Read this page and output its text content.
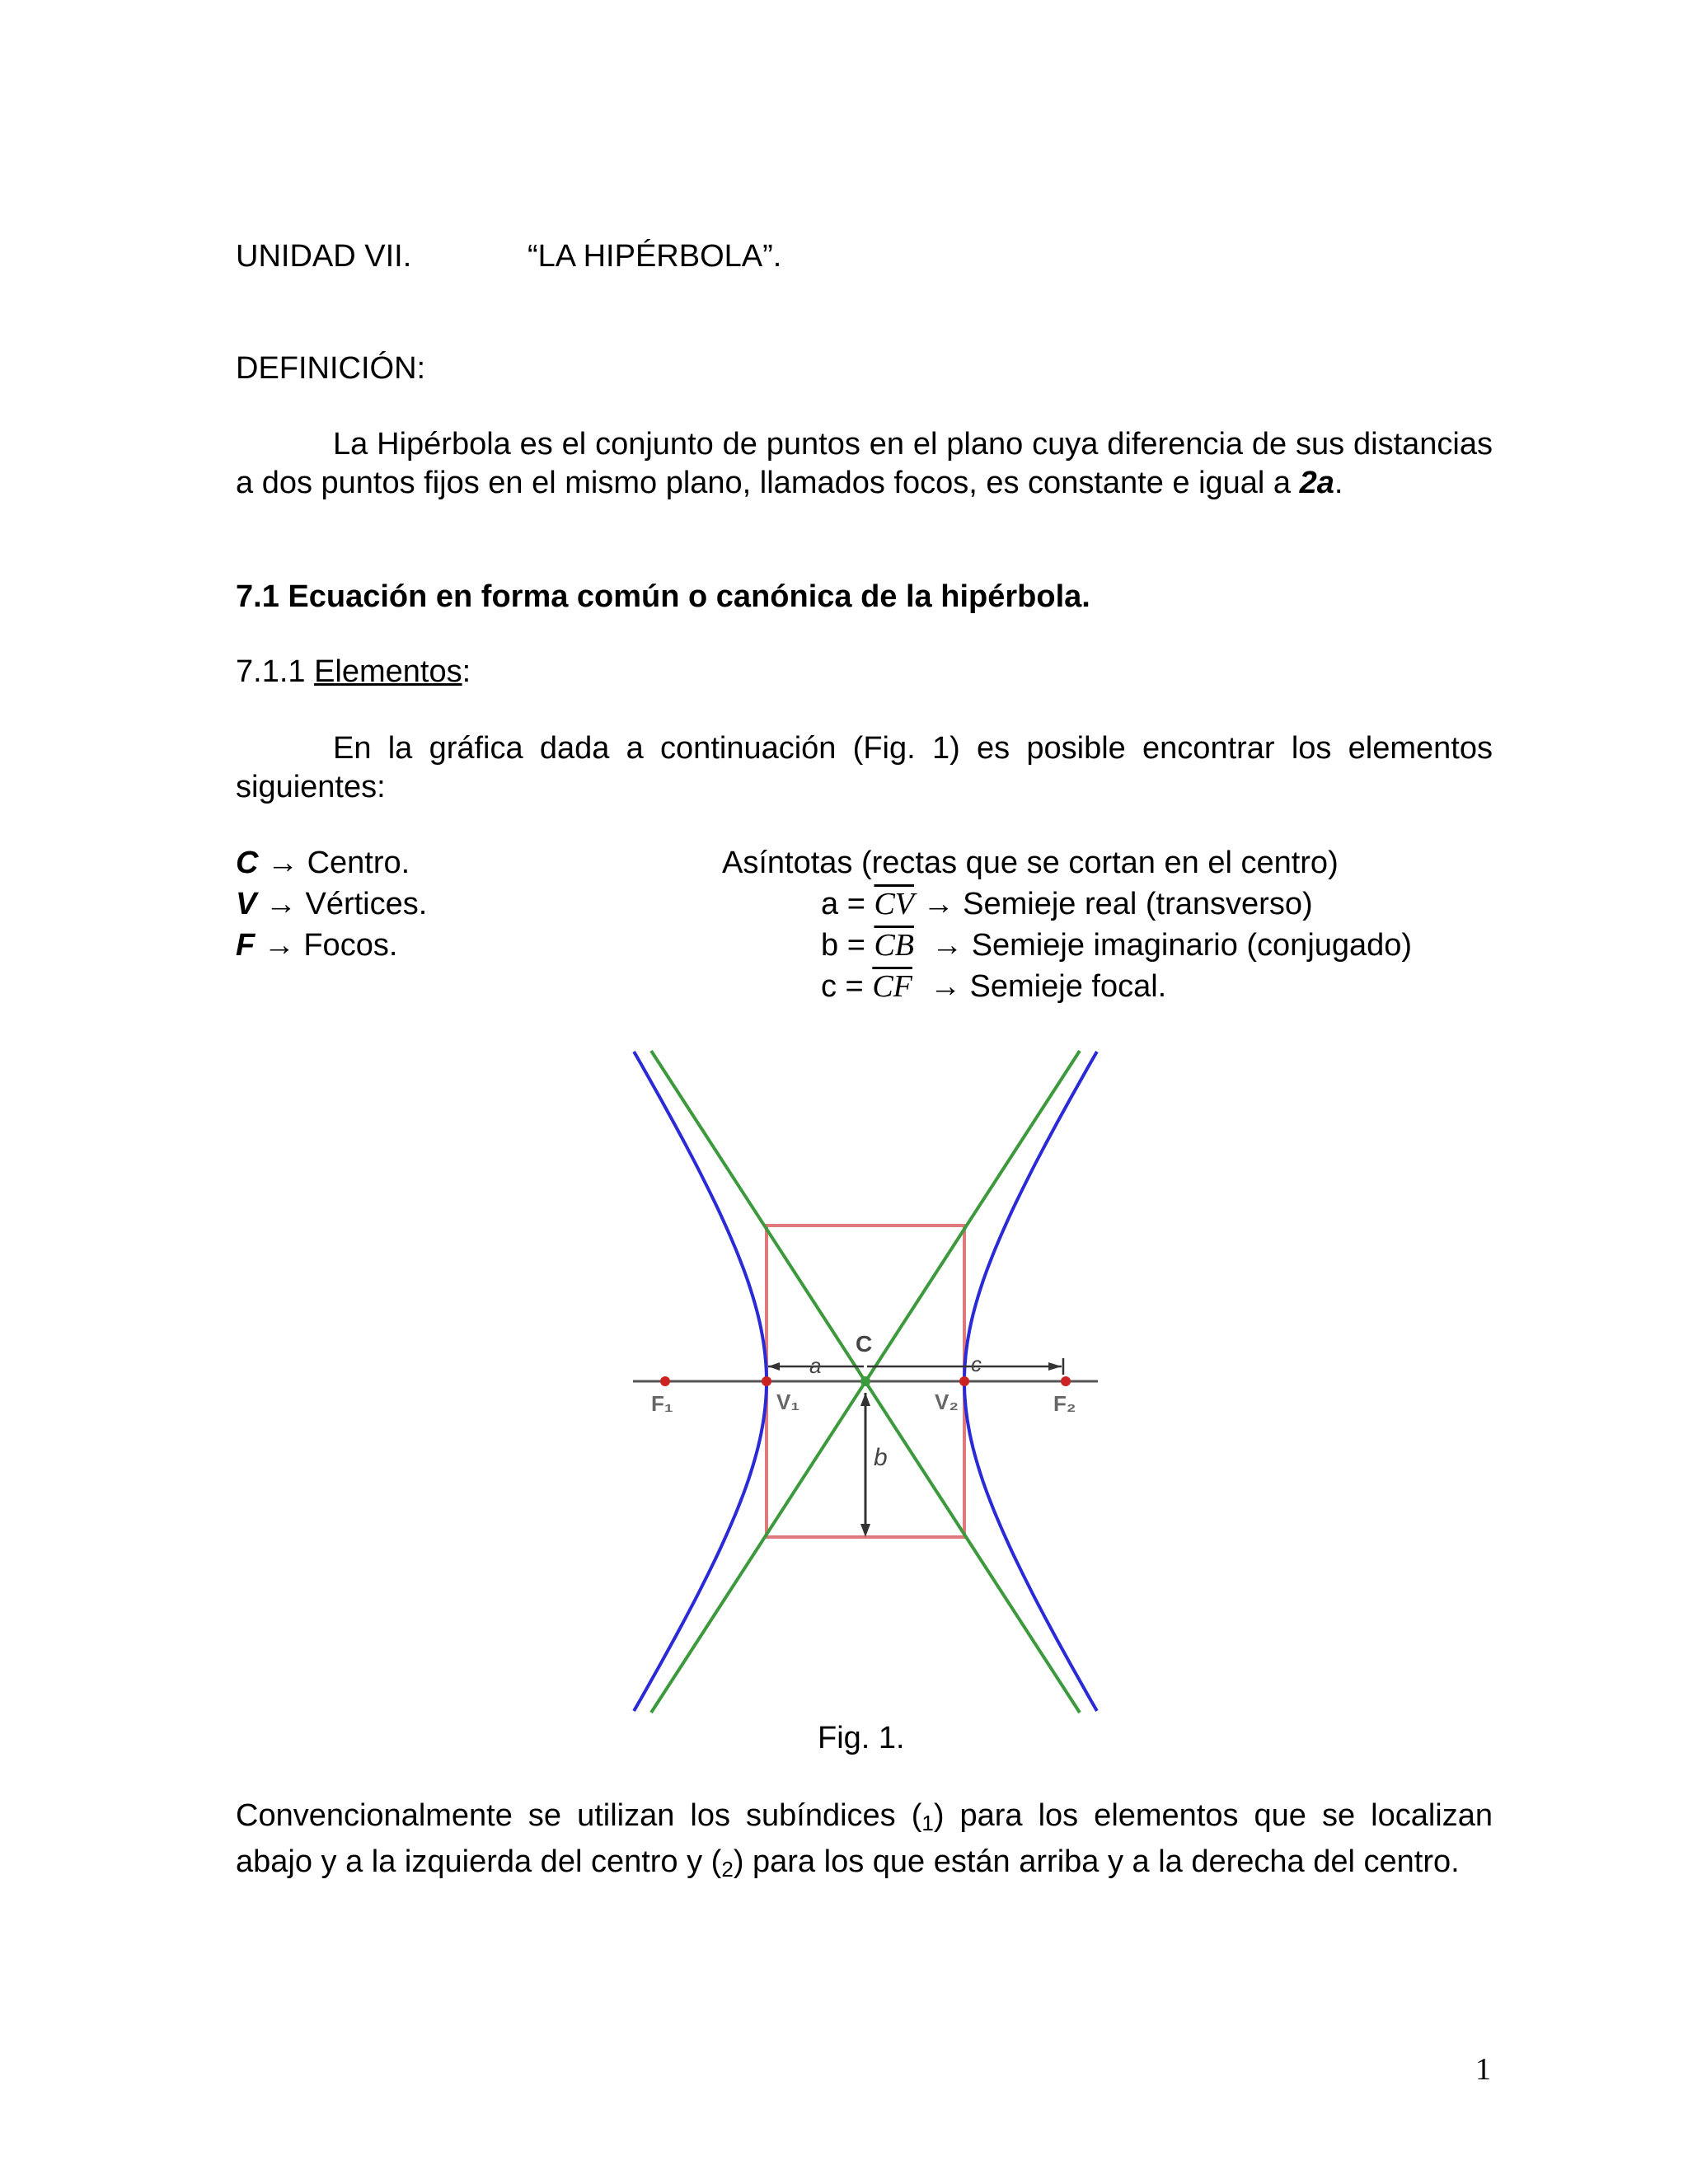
UNIDAD VII.	“LA HIPÉRBOLA”.
DEFINICIÓN:
La Hipérbola es el conjunto de puntos en el plano cuya diferencia de sus distancias a dos puntos fijos en el mismo plano, llamados focos, es constante e igual a 2a.
7.1 Ecuación en forma común o canónica de la hipérbola.
7.1.1 Elementos:
En la gráfica dada a continuación (Fig. 1) es posible encontrar los elementos siguientes:
C → Centro.
V → Vértices.
F → Focos.
Asíntotas (rectas que se cortan en el centro)
$a = \overline{CV}$ → Semieje real (transverso)
$b = \overline{CB}$  → Semieje imaginario (conjugado)
$c = \overline{CF}$  → Semieje focal.
C
a
b
c
F₁	V₁	V₂	F₂
Fig. 1.
Convencionalmente se utilizan los subíndices $(_1)$ para los elementos que se localizan abajo y a la izquierda del centro y $(_2)$ para los que están arriba y a la derecha del centro.
1
